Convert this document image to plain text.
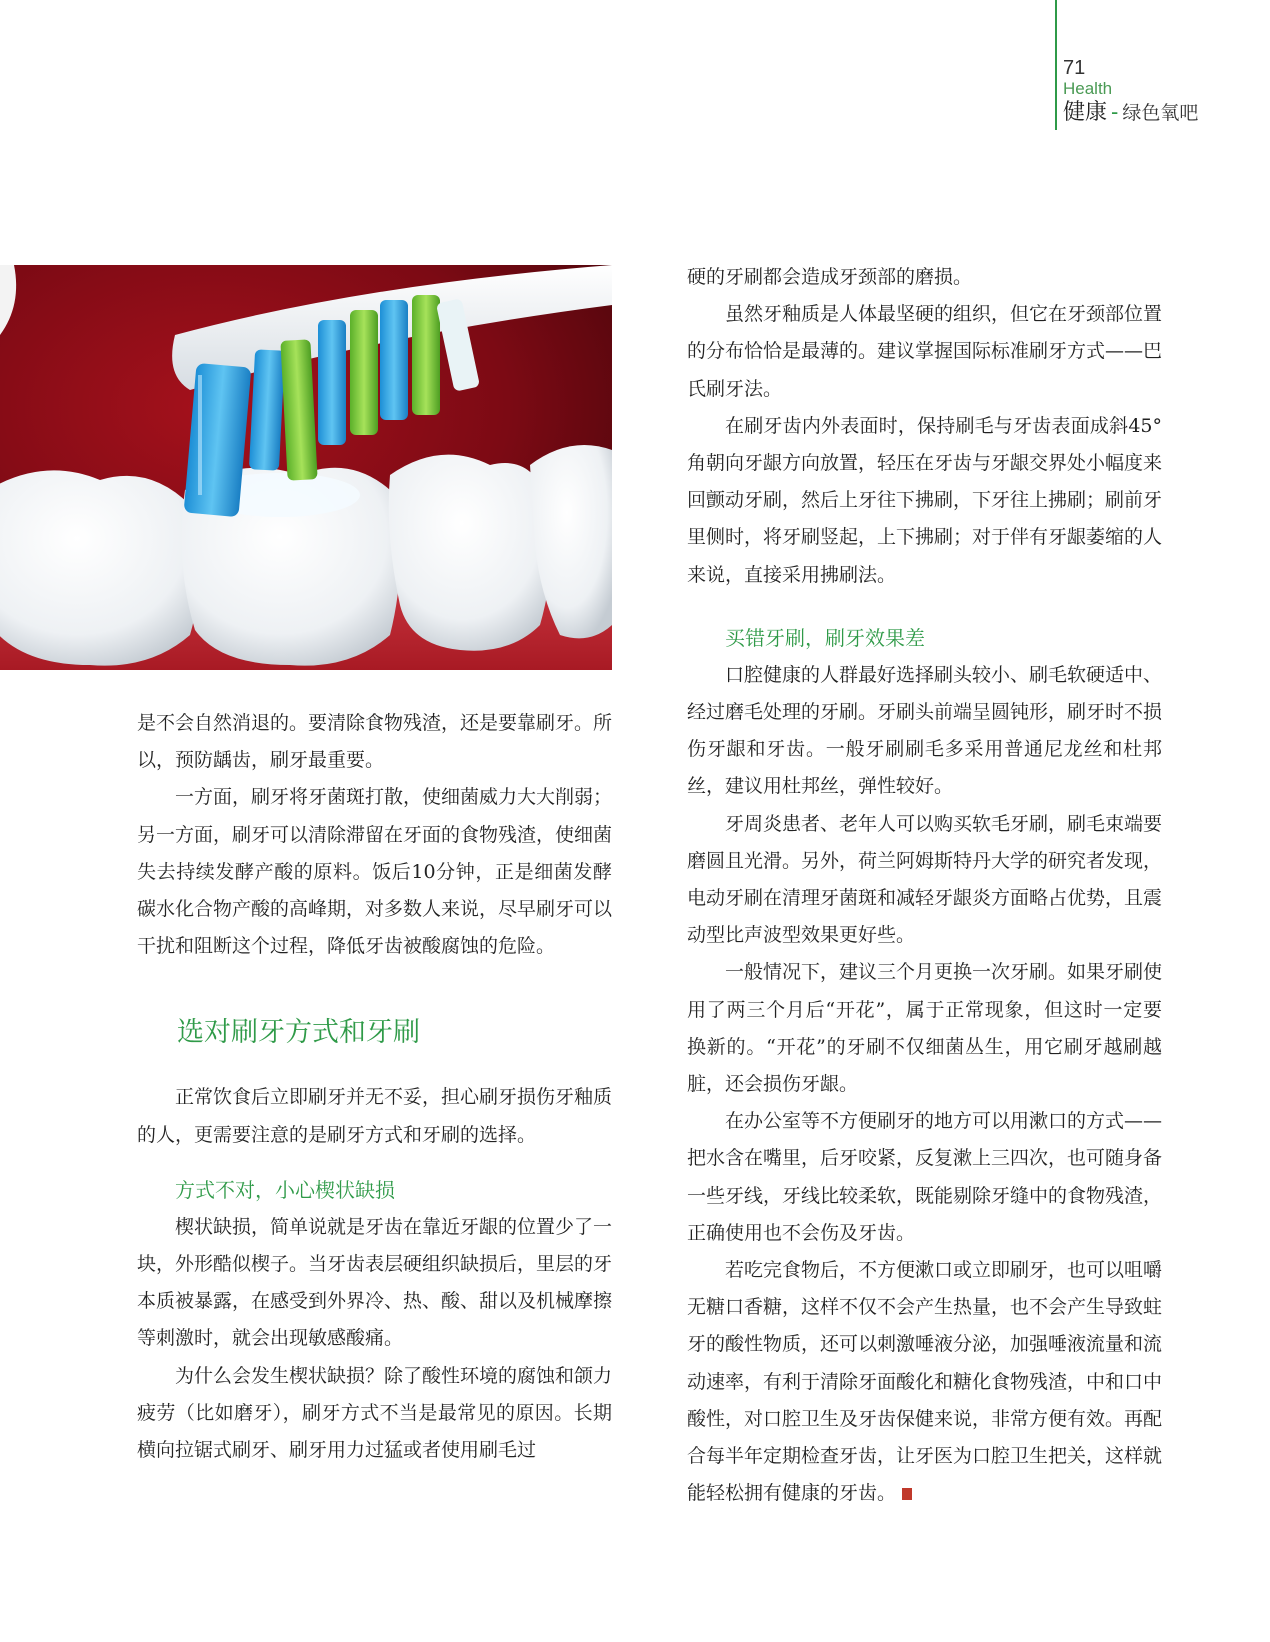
71
Health
健康 - 绿色氧吧

是不会自然消退的。要清除食物残渣，还是要靠刷牙。所以，预防龋齿，刷牙最重要。

一方面，刷牙将牙菌斑打散，使细菌威力大大削弱；另一方面，刷牙可以清除滞留在牙面的食物残渣，使细菌失去持续发酵产酸的原料。饭后10分钟，正是细菌发酵碳水化合物产酸的高峰期，对多数人来说，尽早刷牙可以干扰和阻断这个过程，降低牙齿被酸腐蚀的危险。

选对刷牙方式和牙刷

正常饮食后立即刷牙并无不妥，担心刷牙损伤牙釉质的人，更需要注意的是刷牙方式和牙刷的选择。

方式不对，小心楔状缺损

楔状缺损，简单说就是牙齿在靠近牙龈的位置少了一块，外形酷似楔子。当牙齿表层硬组织缺损后，里层的牙本质被暴露，在感受到外界冷、热、酸、甜以及机械摩擦等刺激时，就会出现敏感酸痛。

为什么会发生楔状缺损？除了酸性环境的腐蚀和颌力疲劳（比如磨牙），刷牙方式不当是最常见的原因。长期横向拉锯式刷牙、刷牙用力过猛或者使用刷毛过

硬的牙刷都会造成牙颈部的磨损。

虽然牙釉质是人体最坚硬的组织，但它在牙颈部位置的分布恰恰是最薄的。建议掌握国际标准刷牙方式——巴氏刷牙法。

在刷牙齿内外表面时，保持刷毛与牙齿表面成斜45°角朝向牙龈方向放置，轻压在牙齿与牙龈交界处小幅度来回颤动牙刷，然后上牙往下拂刷，下牙往上拂刷；刷前牙里侧时，将牙刷竖起，上下拂刷；对于伴有牙龈萎缩的人来说，直接采用拂刷法。

买错牙刷，刷牙效果差

口腔健康的人群最好选择刷头较小、刷毛软硬适中、经过磨毛处理的牙刷。牙刷头前端呈圆钝形，刷牙时不损伤牙龈和牙齿。一般牙刷刷毛多采用普通尼龙丝和杜邦丝，建议用杜邦丝，弹性较好。

牙周炎患者、老年人可以购买软毛牙刷，刷毛束端要磨圆且光滑。另外，荷兰阿姆斯特丹大学的研究者发现，电动牙刷在清理牙菌斑和减轻牙龈炎方面略占优势，且震动型比声波型效果更好些。

一般情况下，建议三个月更换一次牙刷。如果牙刷使用了两三个月后“开花”，属于正常现象，但这时一定要换新的。“开花”的牙刷不仅细菌丛生，用它刷牙越刷越脏，还会损伤牙龈。

在办公室等不方便刷牙的地方可以用漱口的方式——把水含在嘴里，后牙咬紧，反复漱上三四次，也可随身备一些牙线，牙线比较柔软，既能剔除牙缝中的食物残渣，正确使用也不会伤及牙齿。

若吃完食物后，不方便漱口或立即刷牙，也可以咀嚼无糖口香糖，这样不仅不会产生热量，也不会产生导致蛀牙的酸性物质，还可以刺激唾液分泌，加强唾液流量和流动速率，有利于清除牙面酸化和糖化食物残渣，中和口中酸性，对口腔卫生及牙齿保健来说，非常方便有效。再配合每半年定期检查牙齿，让牙医为口腔卫生把关，这样就能轻松拥有健康的牙齿。
